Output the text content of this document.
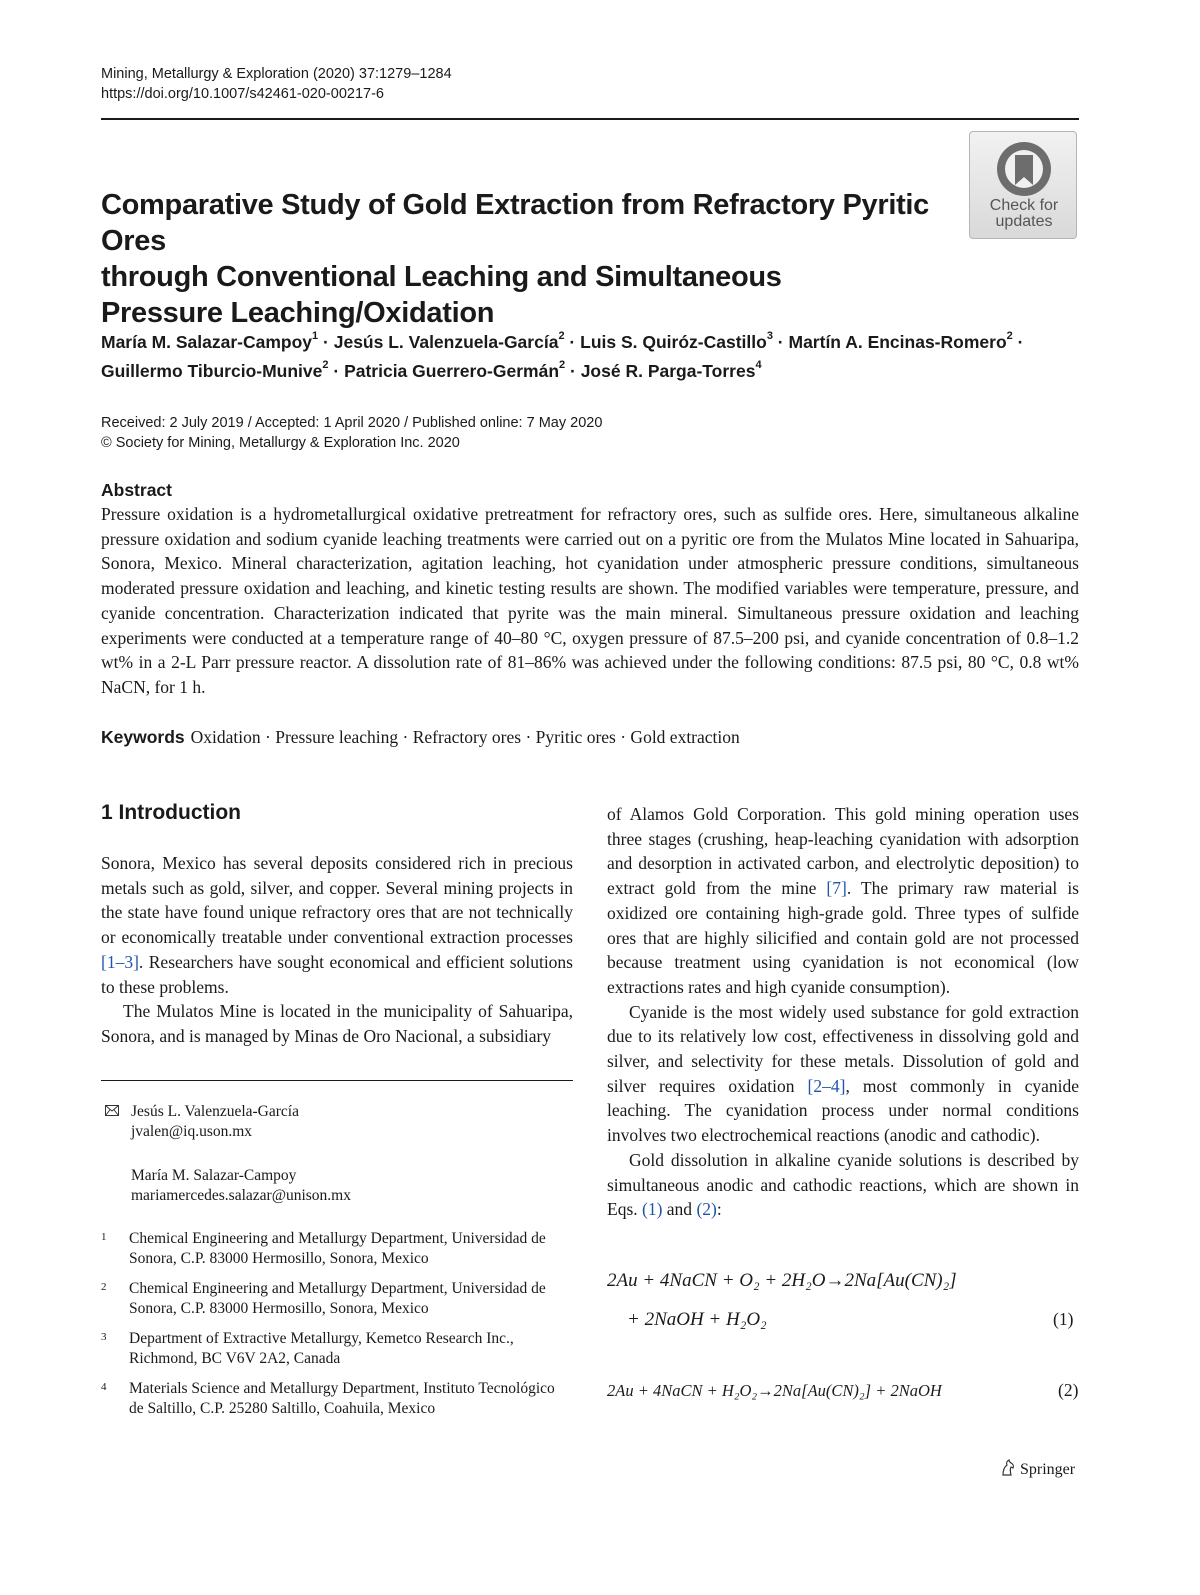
Mining, Metallurgy & Exploration (2020) 37:1279–1284
https://doi.org/10.1007/s42461-020-00217-6
Comparative Study of Gold Extraction from Refractory Pyritic Ores
through Conventional Leaching and Simultaneous
Pressure Leaching/Oxidation
Check for
updates
María M. Salazar-Campoy$^1$ · Jesús L. Valenzuela-García$^2$ · Luis S. Quiróz-Castillo$^3$ · Martín A. Encinas-Romero$^2$ ·
Guillermo Tiburcio-Munive$^2$ · Patricia Guerrero-Germán$^2$ · José R. Parga-Torres$^4$
Received: 2 July 2019 / Accepted: 1 April 2020 / Published online: 7 May 2020
© Society for Mining, Metallurgy & Exploration Inc. 2020
Abstract
Pressure oxidation is a hydrometallurgical oxidative pretreatment for refractory ores, such as sulfide ores. Here, simultaneous alkaline pressure oxidation and sodium cyanide leaching treatments were carried out on a pyritic ore from the Mulatos Mine located in Sahuaripa, Sonora, Mexico. Mineral characterization, agitation leaching, hot cyanidation under atmospheric pressure conditions, simultaneous moderated pressure oxidation and leaching, and kinetic testing results are shown. The modified variables were temperature, pressure, and cyanide concentration. Characterization indicated that pyrite was the main mineral. Simultaneous pressure oxidation and leaching experiments were conducted at a temperature range of 40–80 °C, oxygen pressure of 87.5–200 psi, and cyanide concentration of 0.8–1.2 wt% in a 2-L Parr pressure reactor. A dissolution rate of 81–86% was achieved under the following conditions: 87.5 psi, 80 °C, 0.8 wt% NaCN, for 1 h.
Keywords Oxidation · Pressure leaching · Refractory ores · Pyritic ores · Gold extraction
1 Introduction

Sonora, Mexico has several deposits considered rich in precious metals such as gold, silver, and copper. Several mining projects in the state have found unique refractory ores that are not technically or economically treatable under conventional extraction processes [1–3]. Researchers have sought economical and efficient solutions to these problems.

The Mulatos Mine is located in the municipality of Sahuaripa, Sonora, and is managed by Minas de Oro Nacional, a subsidiary

of Alamos Gold Corporation. This gold mining operation uses three stages (crushing, heap-leaching cyanidation with adsorption and desorption in activated carbon, and electrolytic deposition) to extract gold from the mine [7]. The primary raw material is oxidized ore containing high-grade gold. Three types of sulfide ores that are highly silicified and contain gold are not processed because treatment using cyanidation is not economical (low extractions rates and high cyanide consumption).

Cyanide is the most widely used substance for gold extraction due to its relatively low cost, effectiveness in dissolving gold and silver, and selectivity for these metals. Dissolution of gold and silver requires oxidation [2–4], most commonly in cyanide leaching. The cyanidation process under normal conditions involves two electrochemical reactions (anodic and cathodic).

Gold dissolution in alkaline cyanide solutions is described by simultaneous anodic and cathodic reactions, which are shown in Eqs. (1) and (2):

2Au + 4NaCN + O₂ + 2H₂O→2Na[Au(CN)₂]
+ 2NaOH + H₂O₂	(1)
2Au + 4NaCN + H₂O₂→2Na[Au(CN)₂] + 2NaOH	(2)
Jesús L. Valenzuela-García
jvalen@iq.uson.mx
María M. Salazar-Campoy
mariamercedes.salazar@unison.mx
1 Chemical Engineering and Metallurgy Department, Universidad de
Sonora, C.P. 83000 Hermosillo, Sonora, Mexico
2 Chemical Engineering and Metallurgy Department, Universidad de
Sonora, C.P. 83000 Hermosillo, Sonora, Mexico
3 Department of Extractive Metallurgy, Kemetco Research Inc.,
Richmond, BC V6V 2A2, Canada
4 Materials Science and Metallurgy Department, Instituto Tecnológico
de Saltillo, C.P. 25280 Saltillo, Coahuila, Mexico
Springer
